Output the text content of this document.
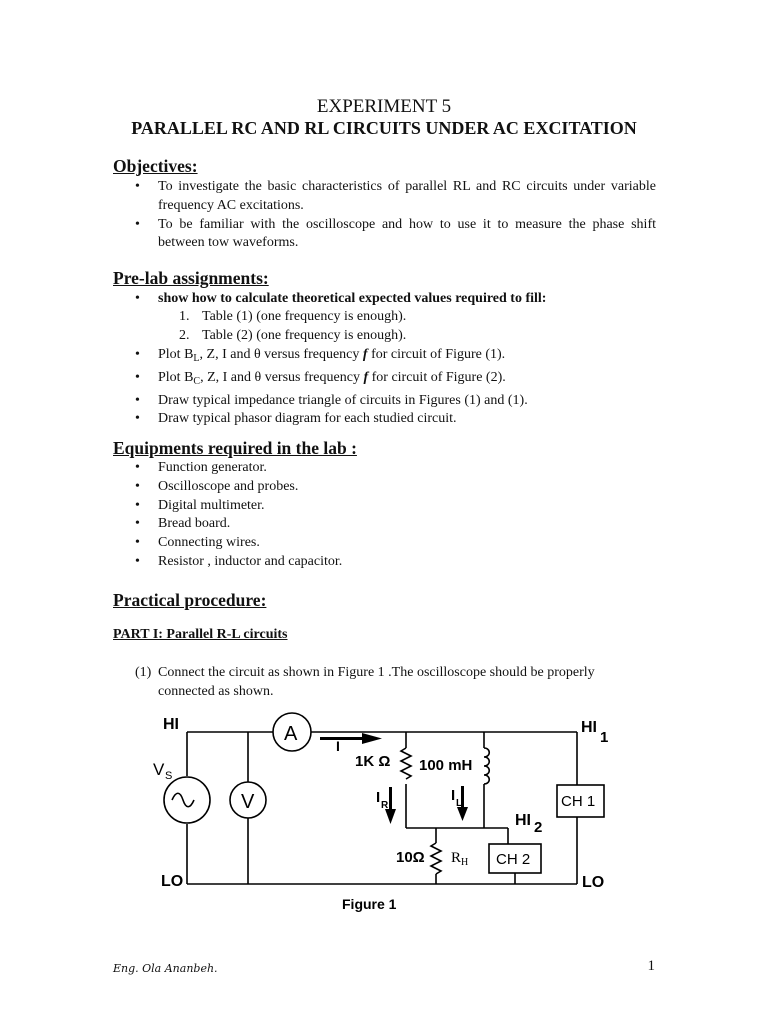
EXPERIMENT 5
PARALLEL RC AND RL CIRCUITS UNDER AC EXCITATION
Objectives:
• To investigate the basic characteristics of parallel RL and RC circuits under variable frequency AC excitations.
• To be familiar with the oscilloscope and how to use it to measure the phase shift between tow waveforms.
Pre-lab assignments:
• show how to calculate theoretical expected values required to fill:
1. Table (1) (one frequency is enough).
2. Table (2) (one frequency is enough).
• Plot $B_L$, Z, I and θ versus frequency f for circuit of Figure (1).
• Plot $B_C$, Z, I and θ versus frequency f for circuit of Figure (2).
• Draw typical impedance triangle of circuits in Figures (1) and (1).
• Draw typical phasor diagram for each studied circuit.
Equipments required in the lab :
• Function generator.
• Oscilloscope and probes.
• Digital multimeter.
• Bread board.
• Connecting wires.
• Resistor , inductor and capacitor.
Practical procedure:
PART I: Parallel R-L circuits
(1) Connect the circuit as shown in Figure 1 .The oscilloscope should be properly
connected as shown.
HI
LO	LO
HI
1
HI 2
V S
A
V
I
1K Ω 100 mH
I R
I L	CH 1
CH 2
10Ω R H
Figure 1
Eng. Ola Ananbeh.	1
